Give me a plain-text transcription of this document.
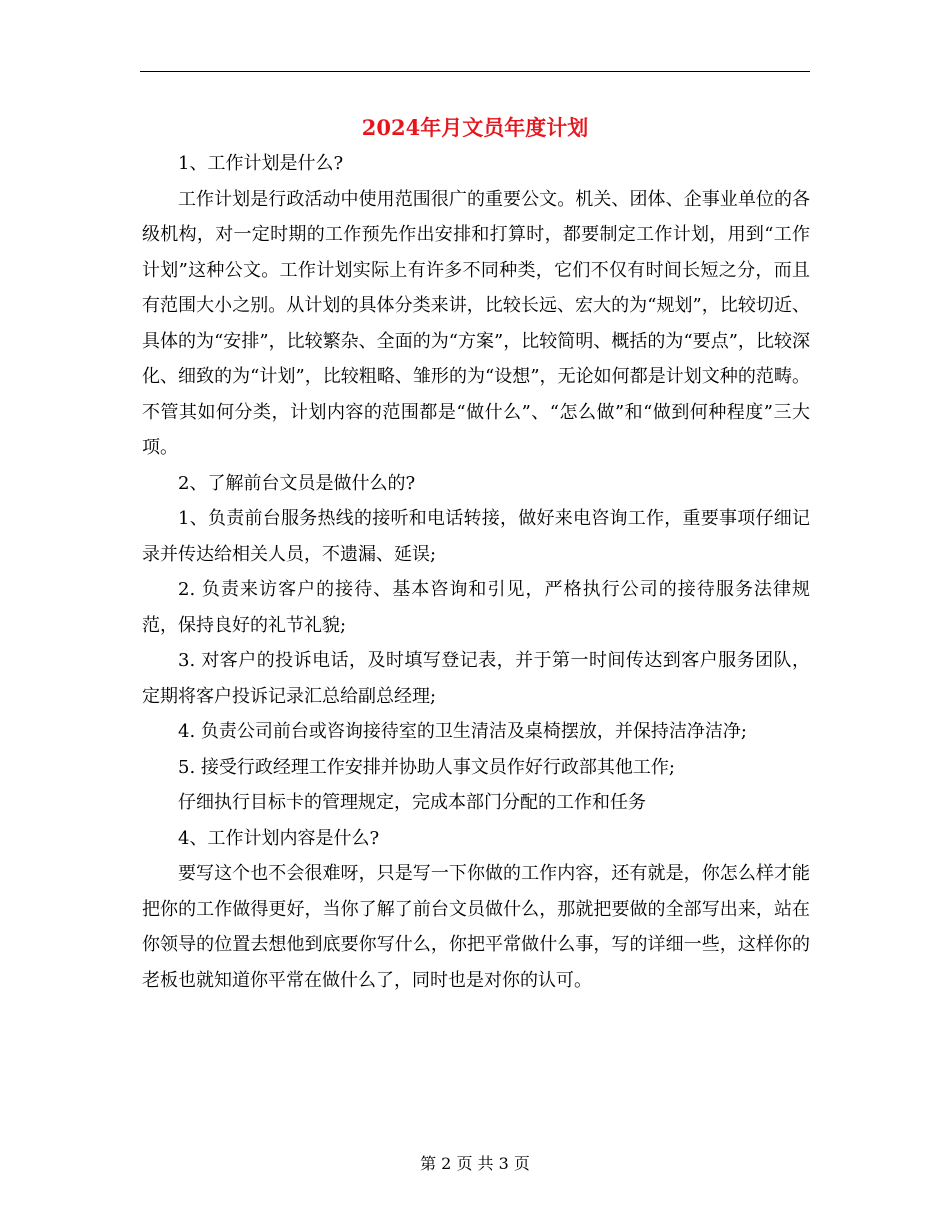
2024年月文员年度计划

1、工作计划是什么?

工作计划是行政活动中使用范围很广的重要公文。机关、团体、企事业单位的各级机构，对一定时期的工作预先作出安排和打算时，都要制定工作计划，用到“工作计划”这种公文。工作计划实际上有许多不同种类，它们不仅有时间长短之分，而且有范围大小之别。从计划的具体分类来讲，比较长远、宏大的为“规划”，比较切近、具体的为“安排”，比较繁杂、全面的为“方案”，比较简明、概括的为“要点”，比较深化、细致的为“计划”，比较粗略、雏形的为“设想”，无论如何都是计划文种的范畴。不管其如何分类，计划内容的范围都是“做什么”、“怎么做”和“做到何种程度”三大项。

2、了解前台文员是做什么的?

1、负责前台服务热线的接听和电话转接，做好来电咨询工作，重要事项仔细记录并传达给相关人员，不遗漏、延误;

2. 负责来访客户的接待、基本咨询和引见，严格执行公司的接待服务法律规范，保持良好的礼节礼貌;

3. 对客户的投诉电话，及时填写登记表，并于第一时间传达到客户服务团队，定期将客户投诉记录汇总给副总经理;

4. 负责公司前台或咨询接待室的卫生清洁及桌椅摆放，并保持洁净洁净;

5. 接受行政经理工作安排并协助人事文员作好行政部其他工作;

仔细执行目标卡的管理规定，完成本部门分配的工作和任务

4、工作计划内容是什么?

要写这个也不会很难呀，只是写一下你做的工作内容，还有就是，你怎么样才能把你的工作做得更好，当你了解了前台文员做什么，那就把要做的全部写出来，站在你领导的位置去想他到底要你写什么，你把平常做什么事，写的详细一些，这样你的老板也就知道你平常在做什么了，同时也是对你的认可。

第 2 页 共 3 页
